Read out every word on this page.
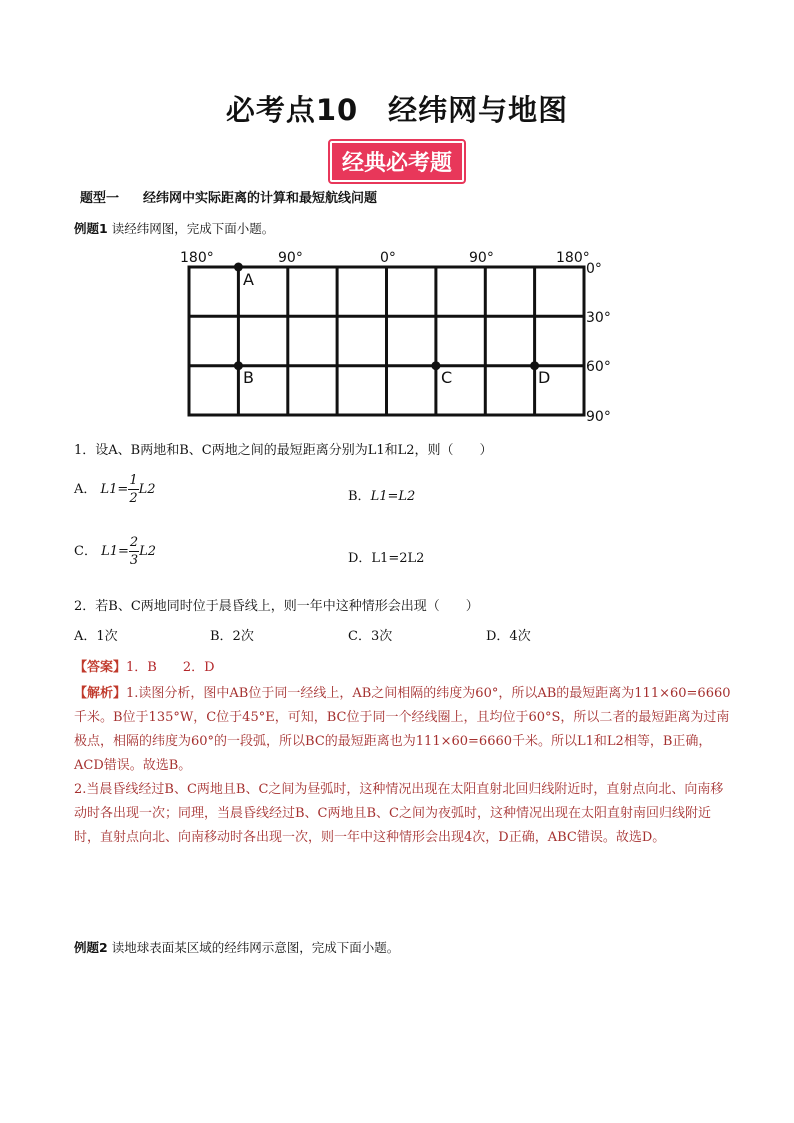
必考点10　经纬网与地图
经典必考题
题型一 经纬网中实际距离的计算和最短航线问题
例题1 读经纬网图，完成下面小题。
180°	90°	0°	90°	180°
0°
30°
60°
90°
A
B	C	D
1．设A、B两地和B、C两地之间的最短距离分别为L1和L2，则（　　）
A． $L1= \frac{1}{2} L2$	B．L1=L2
C． $L1= \frac{2}{3} L2$	D．L1=2L2
2．若B、C两地同时位于晨昏线上，则一年中这种情形会出现（　　）
A．1次	B．2次	C．3次	D．4次
【答案】1．B　　2．D

【解析】1.读图分析，图中AB位于同一经线上，AB之间相隔的纬度为60°，所以AB的最短距离为111×60=6660千米。B位于135°W，C位于45°E，可知，BC位于同一个经线圈上，且均位于60°S，所以二者的最短距离为过南极点，相隔的纬度为60°的一段弧，所以BC的最短距离也为111×60=6660千米。所以L1和L2相等，B正确，ACD错误。故选B。

2.当晨昏线经过B、C两地且B、C之间为昼弧时，这种情况出现在太阳直射北回归线附近时，直射点向北、向南移动时各出现一次；同理，当晨昏线经过B、C两地且B、C之间为夜弧时，这种情况出现在太阳直射南回归线附近时，直射点向北、向南移动时各出现一次，则一年中这种情形会出现4次，D正确，ABC错误。故选D。

例题2 读地球表面某区域的经纬网示意图，完成下面小题。
